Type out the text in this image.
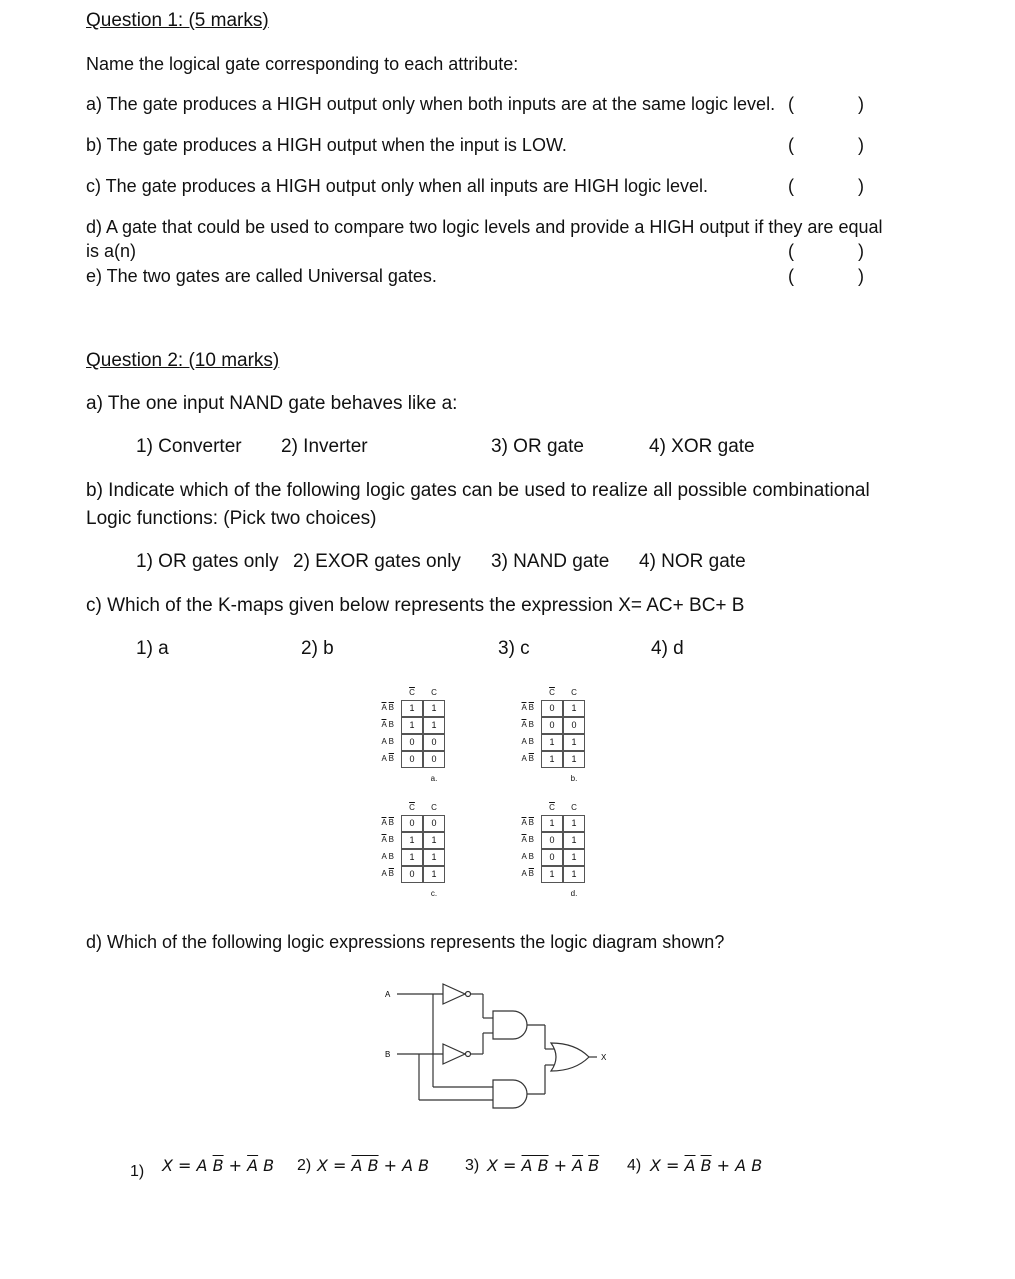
Question 1: (5 marks)
Name the logical gate corresponding to each attribute:
a) The gate produces a HIGH output only when both inputs are at the same logic level. (	)
b) The gate produces a HIGH output when the input is LOW.	(	)
c) The gate produces a HIGH output only when all inputs are HIGH logic level.	(	)
d) A gate that could be used to compare two logic levels and provide a HIGH output if they are equal
is a(n)	(	)
e) The two gates are called Universal gates.	(	)
Question 2: (10 marks)
a) The one input NAND gate behaves like a:
1) Converter 2) Inverter	3) OR gate	4) XOR gate
b) Indicate which of the following logic gates can be used to realize all possible combinational
Logic functions: (Pick two choices)
1) OR gates only 2) EXOR gates only 3) NAND gate 4) NOR gate
c) Which of the K-maps given below represents the expression X= AC+ BC+ B
1) a	2) b	3) c	4) d
$\overline{C}$	C
$\overline{A}$ $\overline{B}$	1	1
$\overline{A}$ B	1	1
A B	0	0
A $\overline{B}$	0	0
a.
$\overline{C}$	C
$\overline{A}$ $\overline{B}$	0	1
$\overline{A}$ B	0	0
A B	1	1
A $\overline{B}$	1	1
b.
$\overline{C}$	C
$\overline{A}$ $\overline{B}$	0	0
$\overline{A}$ B	1	1
A B	1	1
A $\overline{B}$	0	1
c.
$\overline{C}$	C
$\overline{A}$ $\overline{B}$	1	1
$\overline{A}$ B	0	1
A B	0	1
A $\overline{B}$	1	1
d.
d) Which of the following logic expressions represents the logic diagram shown?
A
B	X
1) X = A $\overline{B} + \overline{A}$ B 2) X = A B + A B 3) X = A $B + \overline{A}$ $\overline{B}$ 4) $X = \overline{A}$ $\overline{B} + A$ B
